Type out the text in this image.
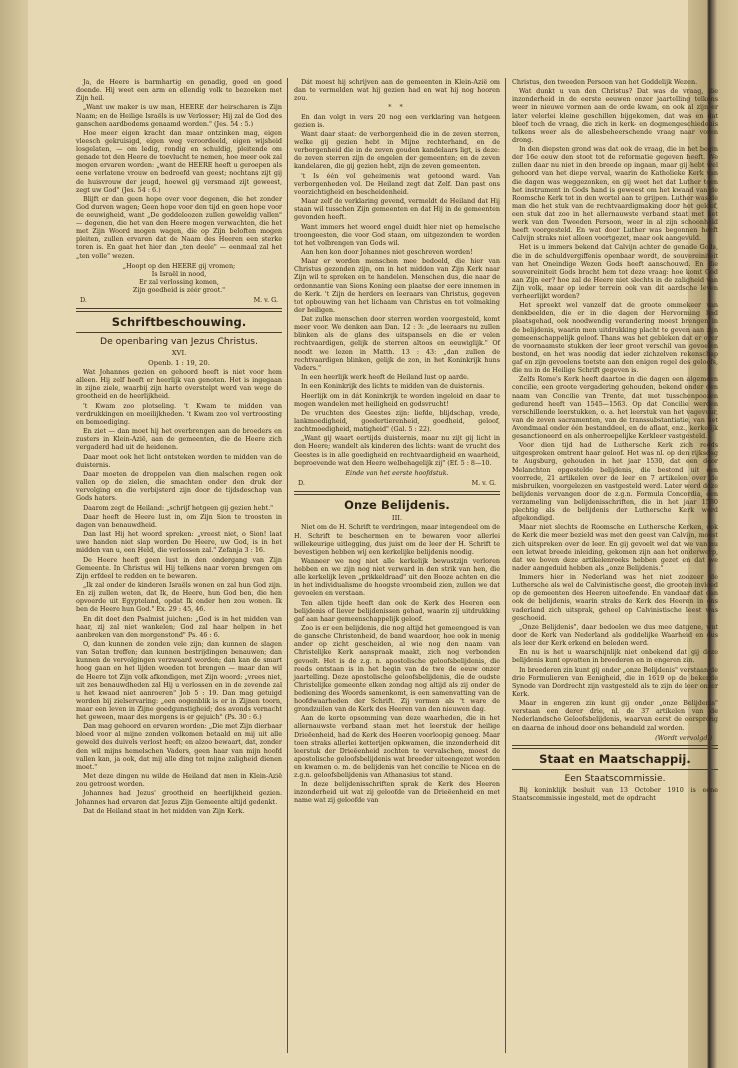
Ja, de Heere is barmhartig en genadig, goed en goed doende. Hij weet een arm en ellendig volk te bezoeken met Zijn heil.

„Want uw maker is uw man, HEERE der heirscharen is Zijn Naam; en de Heilige Israëls is uw Verlosser; Hij zal de God des ganschen aardbodems genaamd worden." (Jes. 54 : 5.)

Hoe meer eigen kracht dan maar ontzinken mag, eigen vleesch gekruisigd, eigen weg veroordeeld, eigen wijsheid losgelaten, — om ledig, rondig en schuldig, pleitende om genade tot den Heere de toevlucht te nemen, hoe meer ook zal mogen ervaren worden: „want de HEERE heeft u geroepen als eene verlatene vrouw en bedroefd van geest; nochtans zijt gij de huisvrouw der jeugd, hoewel gij versmaad zijt geweest, zegt uw God" (Jes. 54 : 6.)

Blijft er dan geen hope over voor degenen, die het zonder God durven wagen; Geen hope voor den tijd en geen hope voor de eeuwigheid, want „De goddeloozen zullen geweldig vallen" — degenen, die het van den Heere mogen verwachten, die het met Zijn Woord mogen wagen, die op Zijn beloften mogen pleiten, zullen ervaren dat de Naam des Heeren een sterke toren is. En gaat het hier dan „ten deele" — eenmaal zal het „ten volle" wezen.

„Hoopt op den HEERE gij vromen;
Is Israël in nood,
Er zal verlossing komen,
Zijn goedheid is zéér groot."
D.	M. v. G.
Schriftbeschouwing.
De openbaring van Jezus Christus.
XVI.
Openb. 1 : 19, 20.

Wat Johannes gezien en gehoord heeft is niet voor hem alleen. Hij zelf heeft er heerlijk van genoten. Het is ingegaan in zijne ziele, waarbij zijn harte overstelpt werd van wege de grootheid en de heerlijkheid.

't Kwam zoo plotseling. 't Kwam te midden van verdrukkingen en moeilijkheden. 't Kwam zoo vol vertroosting en bemoediging.

En ziet — dan moet hij het overbrengen aan de broeders en zusters in Klein-Azië, aan de gemeenten, die de Heere zich vergaderd had uit de heidenen.

Daar moet ook het licht ontsteken worden te midden van de duisternis.

Daar moeten de droppelen van dien malschen regen ook vallen op de zielen, die smachten onder den druk der vervolging en die verbijsterd zijn door de tijdsdeschap van Gods haters.

Daarom zegt de Heiland: „schrijf hetgeen gij gezien hebt."

Daar heeft de Heere lust in, om Zijn Sion te troosten in dagen van benauwdheid.

Dan last Hij het woord spreken: „vreest niet, o Sion! laat uwe handen niet slap worden De Heere, uw God, is in het midden van u, een Held, die verlossen zal." Zefanja 3 : 16.

De Heere heeft geen lust in den ondergang van Zijn Gemeente. In Christus wil Hij telkens naar voren brengen om Zijn erfdeel te redden en te bewaren.

„Ik zal onder de kinderen Israëls wonen en zal hun God zijn. En zij zullen weten, dat Ik, de Heere, hun God ben, die hen opvoerde uit Egypteland, opdat Ik onder hen zou wonen. Ik ben de Heere hun God." Ex. 29 : 45, 46.

En dit doet den Psalmist juichen: „God is in het midden van haar, zij zal niet wankelen; God zal haar helpen in het aanbreken van den morgenstond" Ps. 46 : 6.

O, dan kunnen de zonden vele zijn; dan kunnen de slagen van Satan treffen; dan kunnen bestrijdingen benauwen; dan kunnen de vervolgingen verzwaard worden; dan kan de smart hoog gaan en het lijden woeden tot brengen — maar dan wil de Heere tot Zijn volk afkondigen, met Zijn woord: „vrees niet, uit zes benauwdheden zal Hij u verlossen en in de zevende zal u het kwaad niet aanroeren" Job 5 : 19. Dan mag getuigd worden bij zielservaring: „een oogenblik is er in Zijnen toorn, maar een leven in Zijne goedgunstigheid; des avonds vernacht het geween, maar des morgens is er gejuich" (Ps. 30 : 6.)

Dan mag gehoord en ervaren worden: „Die met Zijn dierbaar bloed voor al mijne zonden volkomen betaald en mij uit alle geweld des duivels verlost heeft; en alzoo bewaart, dat, zonder den wil mijns hemelschen Vaders, geen haar van mijn hoofd vallen kan, ja ook, dat mij alle ding tot mijne zaligheid dienen moet."

Met deze dingen nu wilde de Heiland dat men in Klein-Azië zou getroost worden.

Johannes had Jezus' grootheid en heerlijkheid gezien. Johannes had ervaren dat Jezus Zijn Gemeente altijd gedenkt.

Dat de Heiland staat in het midden van Zijn Kerk.

Dát moest hij schrijven aan de gemeenten in Klein-Azië om dan te vermelden wat hij gezien had en wat hij nog hooren zou.

* *

En dan volgt in vers 20 nog een verklaring van hetgeen gezien is.

Want daar staat: de verborgenheid die in de zeven sterren, welke gij gezien hebt in Mijne rechterhand, en de verborgenheid die in de zeven gouden kandelaars ligt, is deze: de zeven sterren zijn de engelen der gemeenten; en de zeven kandelaren, die gij gezien hebt, zijn de zeven gemeenten.

't Is één vol geheimenis wat getoond ward. Van verborgenheden vol. De Heiland zegt dat Zelf. Dan past ons voorzichtigheid en bescheidenheid.

Maar zelf de verklaring gevend, vermeldt de Heiland dat Hij staan wil tusschen Zijn gemeenten en dat Hij in de gemeenten gevonden heeft.

Want immers het woord engel duidt hier niet op hemelsche troongeesten, die voor God staan, om uitgezonden te worden tot het volbrengen van Gods wil.

Aan hen kon door Johannes niet geschreven worden!

Maar er worden menschen mee bedoeld, die hier van Christus gezonden zijn, om in het midden van Zijn Kerk naar Zijn wil te spreken en te handelen. Menschen dus, die naar de ordonnantie van Sions Koning een plaatse der eere innemen in de Kerk. 't Zijn de herders en leeraars van Christus, gegeven tot opbouwing van het lichaam van Christus en tot volmaking der heiligen.

Dat zulke menschen door sterren worden voorgesteld, komt meer voor. We denken aan Dan. 12 : 3: „de leeraars nu zullen blinken als de glans des uitspansels en die er velen rechtvaardigen, gelijk de sterren altoos en eeuwiglijk." Of noodt we lezen in Matth. 13 : 43: „dan zullen de rechtvaardigen blinken, gelijk de zon, in het Koninkrijk huns Vaders."

In een heerlijk werk heeft de Heiland lust op aarde.

In een Koninkrijk des lichts te midden van de duisternis.

Heerlijk om in dát Koninkrijk te worden ingeleid en daar te mogen wandelen met heiligheid en godsvrucht!

De vruchten des Geestes zijn: liefde, blijdschap, vrede, lankmoedigheid, goedertierenheid, goedheid, geloof, zachtmoedigheid, matigheid" (Gal. 5 : 22).

„Want gij waart eertijds duisternis, maar nu zijt gij licht in den Heere; wandelt als kinderen des lichts: want de vrucht des Geestes is in alle goedigheid en rechtvaardigheid en waarheid, beproevende wat den Heere welbehagelijk zij" (Ef. 5 : 8—10.

Einde van het eerste hoofdstuk.
D.	M. v. G.
Onze Belijdenis.
III.

Niet om de H. Schrift te verdringen, maar integendeel om de H. Schrift te beschermen en te bewaren voor allerlei willekeurige uitlegging, dus juist om de leer der H. Schrift te bevestigen hebben wij een kerkelijke belijdenis noodig.

Wanneer we nog niet alle kerkelijk bewustzijn verloren hebben en we zijn nog niet verward in den strik van hen, die alle kerkelijk leven „prikkeldraad" uit den Booze achten en die in het individualisme de hoogste vroombeid zien, zullen we dat gevoelen en verstaan.

Ten allen tijde heeft dan ook de Kerk des Heeren een belijdenis of liever belijdenissen gehad, waarin zij uitdrukking gaf aan haar gemeenschappelijk geloof.

Zoo is er een belijdenis, die nog altijd het gemeengoed is van de gansche Christenheid, de band waardoor, hoe ook in menig ander op zicht gescheiden, al wie nog den naam van Christelijke Kerk aanspraak maakt, zich nog verbonden gevoelt. Het is de z.g. n. apostolische geloofsbelijdenis, die reeds ontstaan is in het begin van de twe de eeuw onzer jaartelling. Deze apostolische geloofsbelijdenis, die de oudste Christelijke gemeente elken zondag nog altijd als zij onder de bediening des Woords samenkomt, is een samenvatting van de hoofdwaarheden der Schrift. Zij vormen als 't ware de grondzuilen van de Kerk des Heeren van den nieuwen dag.

Aan de korte opsomming van deze waarheden, die in het allernauwste verband staan met het leerstuk der heilige Drieëenheid, had de Kerk des Heeren voorloopig genoeg. Maar toen straks allerlei ketterijen opkwamen, die inzonderheid dit leerstuk der Drieëenheid zochten te vervalschen, moest de apostolische geloofsbelijdenis wat breeder uiteengezet worden en kwamen o. m. de belijdenis van het concilie te Nicea en de z.g.n. geloofsbelijdenis van Athanasius tot stand.

In deze belijdenisschriften sprak de Kerk des Heeren inzonderheid uit wat zij geloofde van de Drieëenheid en met name wat zij geloofde van

Christus, den tweeden Persoon van het Goddelijk Wezen.

Wat dunkt u van den Christus? Dat was de vraag, die inzonderheid in de eerste eeuwen onzer jaartelling telkens weer in nieuwe vormen aan de orde kwam, en ook al zijn er later velerlei kleine geschillen bijgekomen, dat was en dat bleef toch de vraag, die zich in kerk- en dogmengeschiedenis telkens weer als de allesbeheerschende vraag naar voren drong.

In den diepsten grond was dat ook de vraag, die in het begin der 16e eeuw den stoot tot de reformatie gegeven heeft. We zullen daar nu niet in den breede op ingaan, maar gij hebt wel gehoord van het diepe verval, waarin de Katholieke Kerk van die dagen was weggezonken, en gij weet het dat Luther toen het instrument in Gods hand is geweest om het kwaad van de Roomsche Kerk tot in den wortel aan te grijpen. Luther was de man die het stuk van de rechtvaardigmaking door het geloof, een stuk dat zoo in het allernauwste verband staat met het werk van den Tweeden Persoon, weer in al zijn schoonheid heeft voorgesteld. En wat door Luther was begonnen heeft Calvijn straks niet alleen voortgezet, maar ook aangevuld.

Het is u immers bekend dat Calvijn achter de genade Gods, die in de schuldvergiffenis openbaar wordt, de souvereiniteit van het Oneindige Wezen Gods heeft aanschouwd. En die souvereiniteit Gods bracht hem tot deze vraag: hoe komt God aan Zijn eer? hoe zal de Heere niet slechts in de zaligheid van Zijn volk, maar op ieder terrein ook van dit aardsche leven verheerlijkt worden?

Het spreekt wel vanzelf dat de groote ommekeer van denkbeelden, die er in die dagen der Hervorming had plaatsgehad, ook noodwendig verandering moest brengen in de belijdenis, waarin men uitdrukking placht te geven aan zijn gemeenschappelijk geloof. Thans was het gebleken dat er over de voornaamste stukken der leer groot verschil van gevoelen bestond, en het was noodig dat ieder zichzelven rekenschap gaf en zijn gevoelens toetste aan den enigen regel des geloofs, die nu in de Heilige Schrift gegeven is.

Zelfs Rome's Kerk heeft daartoe in die dagen een algemeen concilie, een groote vergadering gehouden, bekend onder den naam van Concilie van Trente, dat met tusschenpoozen gedurend heeft van 1545—1563. Op dat Concilie werden verschillende leerstukken, o. a. het leerstuk van het vagevuur, van de zeven sacramenten, van de transsubstantiatie, van het Avondmaal onder één bestanddeel, en de aflaat, enz., kerkelijk gesanctioneerd en als onherroepelijke Kerkleer vastgesteld.

Voor dien tijd had de Luthersche Kerk zich reeds uitgesproken omtrent haar geloof. Het was nl. op den rijksdag te Augsburg, gehouden in het jaar 1530, dat een door Melanchton opgestelde belijdenis, die bestond uit een voorrede, 21 artikelen over de leer en 7 artikelen over de misbruiken, voorgelezen en vastgesteld werd. Later werd deze belijdenis vervangen door de z.g.n. Formula Concordia, een verzameling van belijdenisschriften, die in het jaar 1580 plechtig als de belijdenis der Luthersche Kerk werd afgekondigd.

Maar niet slechts de Roomsche en Luthersche Kerken, ook de Kerk die meer bezield was met den geest van Calvijn, moest zich uitspreken over de leer. En gij gevoelt wel dat we van nu een letwat breede inleiding, gekomen zijn aan het onderwerp, dat we boven deze artikelenreeks hebben gezet en dat we nader aangeduid hebben als „onze Belijdenis."

Immers hier in Nederland was het niet zoozeer de Luthersche als wel de Calvinistische geest, die grooten invloed op de gemeenten des Heeren uitoefende. En vandaar dat dan ook de belijdenis, waarin straks de Kerk des Heeren in ons vaderland zich uitsprak, geheel op Calvinistische leest was geschoeid.

„Onze Belijdenis", daar bedoelen we dus mee datgene, wat door de Kerk van Nederland als goddelijke Waarheid en dus als leer der Kerk erkend en beleden werd.

En nu is het u waarschijnlijk niet onbekend dat gij deze belijdenis kunt opvatten in breederen en in engeren zin.

In breederen zin kunt gij onder „onze Belijdenis" verstaan de drie Formulieren van Eenigheid, die in 1619 op de bekende Synode van Dordrecht zijn vastgesteld als te zijn de leer onzer Kerk.

Maar in engeren zin kunt gij onder „onze Belijdenis" verstaan een derer drie, nl. de 37 artikelen van de Nederlandsche Geloofsbelijdenis, waarvan eerst de oorsprong en daarna de inhoud door ons behandeld zal worden.

(Wordt vervolgd.)
Staat en Maatschappij.
Een Staatscommissie.

Bij koninklijk besluit van 13 October 1910 is eene Staatscommissie ingesteld, met de opdracht
